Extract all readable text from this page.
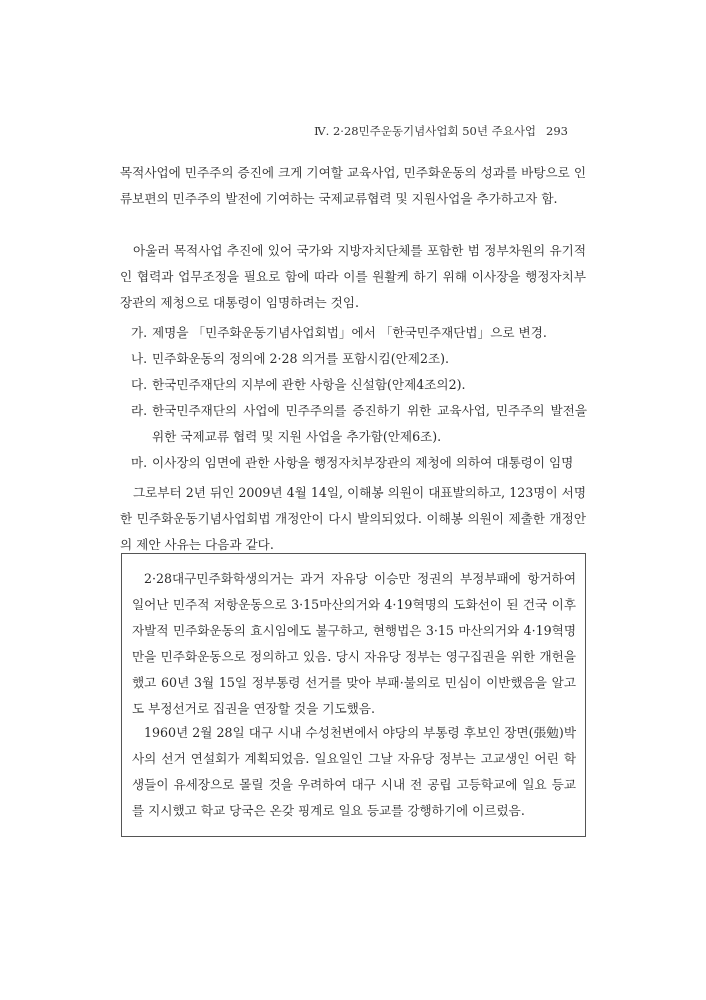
Ⅳ. 2·28민주운동기념사업회 50년 주요사업 293

목적사업에 민주주의 증진에 크게 기여할 교육사업, 민주화운동의 성과를 바탕으로 인류보편의 민주주의 발전에 기여하는 국제교류협력 및 지원사업을 추가하고자 함.

아울러 목적사업 추진에 있어 국가와 지방자치단체를 포함한 범 정부차원의 유기적인 협력과 업무조정을 필요로 함에 따라 이를 원활케 하기 위해 이사장을 행정자치부장관의 제청으로 대통령이 임명하려는 것임.

가. 제명을 「민주화운동기념사업회법」에서 「한국민주재단법」으로 변경.
나. 민주화운동의 정의에 2·28 의거를 포함시킴(안제2조).
다. 한국민주재단의 지부에 관한 사항을 신설함(안제4조의2).
라. 한국민주재단의 사업에 민주주의를 증진하기 위한 교육사업, 민주주의 발전을 위한 국제교류 협력 및 지원 사업을 추가함(안제6조).
마. 이사장의 임면에 관한 사항을 행정자치부장관의 제청에 의하여 대통령이 임명

그로부터 2년 뒤인 2009년 4월 14일, 이해봉 의원이 대표발의하고, 123명이 서명한 민주화운동기념사업회법 개정안이 다시 발의되었다. 이해봉 의원이 제출한 개정안의 제안 사유는 다음과 같다.

2·28대구민주화학생의거는 과거 자유당 이승만 정권의 부정부패에 항거하여 일어난 민주적 저항운동으로 3·15마산의거와 4·19혁명의 도화선이 된 건국 이후 자발적 민주화운동의 효시임에도 불구하고, 현행법은 3·15 마산의거와 4·19혁명만을 민주화운동으로 정의하고 있음. 당시 자유당 정부는 영구집권을 위한 개헌을 했고 60년 3월 15일 정부통령 선거를 맞아 부패·불의로 민심이 이반했음을 알고도 부정선거로 집권을 연장할 것을 기도했음.

1960년 2월 28일 대구 시내 수성천변에서 야당의 부통령 후보인 장면(張勉)박사의 선거 연설회가 계획되었음. 일요일인 그날 자유당 정부는 고교생인 어린 학생들이 유세장으로 몰릴 것을 우려하여 대구 시내 전 공립 고등학교에 일요 등교를 지시했고 학교 당국은 온갖 핑계로 일요 등교를 강행하기에 이르렀음.
